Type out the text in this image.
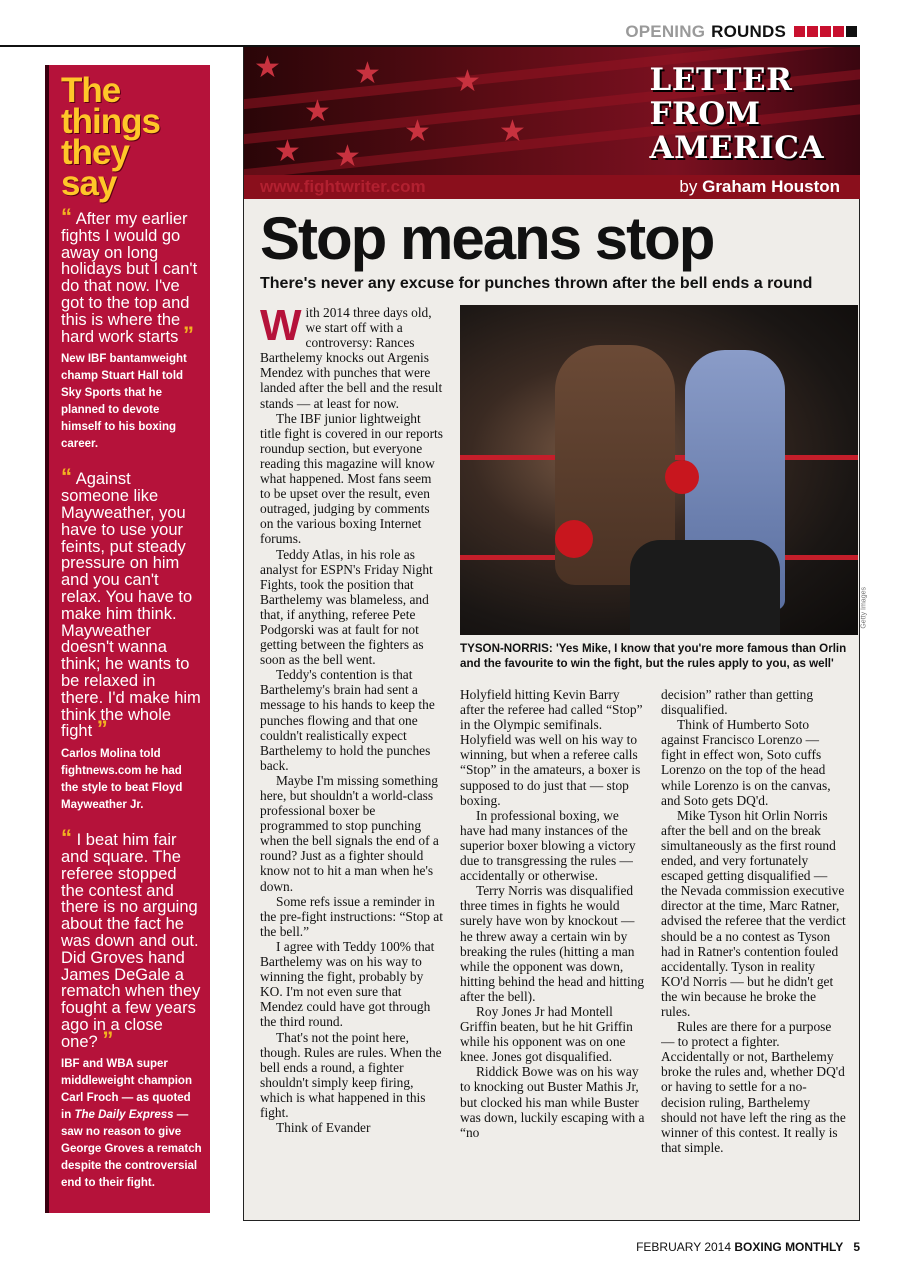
OPENING ROUNDS
The
things
they
say
“ After my earlier fights I would go away on long holidays but I can't do that now. I've got to the top and this is where the hard work starts ”
New IBF bantamweight champ Stuart Hall told Sky Sports that he planned to devote himself to his boxing career.
“ Against someone like Mayweather, you have to use your feints, put steady pressure on him and you can't relax. You have to make him think. Mayweather doesn't wanna think; he wants to be relaxed in there. I'd make him think the whole fight ”
Carlos Molina told fightnews.com he had the style to beat Floyd Mayweather Jr.
“ I beat him fair and square. The referee stopped the contest and there is no arguing about the fact he was down and out. Did Groves hand James DeGale a rematch when they fought a few years ago in a close one? ”
IBF and WBA super middleweight champion Carl Froch — as quoted in The Daily Express — saw no reason to give George Groves a rematch despite the controversial end to their fight.
★
★
★
★
★
★ ★
★
LETTER
FROM
AMERICA
www.fightwriter.com	by Graham Houston
Stop means stop
There's never any excuse for punches thrown after the bell ends a round

With 2014 three days old, we start off with a controversy: Rances Barthelemy knocks out Argenis Mendez with punches that were landed after the bell and the result stands — at least for now.

The IBF junior lightweight title fight is covered in our reports roundup section, but everyone reading this magazine will know what happened. Most fans seem to be upset over the result, even outraged, judging by comments on the various boxing Internet forums.

Teddy Atlas, in his role as analyst for ESPN's Friday Night Fights, took the position that Barthelemy was blameless, and that, if anything, referee Pete Podgorski was at fault for not getting between the fighters as soon as the bell went.

Teddy's contention is that Barthelemy's brain had sent a message to his hands to keep the punches flowing and that one couldn't realistically expect Barthelemy to hold the punches back.

Maybe I'm missing something here, but shouldn't a world-class professional boxer be programmed to stop punching when the bell signals the end of a round? Just as a fighter should know not to hit a man when he's down.

Some refs issue a reminder in the pre-fight instructions: “Stop at the bell.”

I agree with Teddy 100% that Barthelemy was on his way to winning the fight, probably by KO. I'm not even sure that Mendez could have got through the third round.

That's not the point here, though. Rules are rules. When the bell ends a round, a fighter shouldn't simply keep firing, which is what happened in this fight.

Think of Evander

Getty Images
TYSON-NORRIS: 'Yes Mike, I know that you're more famous than Orlin and the favourite to win the fight, but the rules apply to you, as well'

Holyfield hitting Kevin Barry after the referee had called “Stop” in the Olympic semifinals. Holyfield was well on his way to winning, but when a referee calls “Stop” in the amateurs, a boxer is supposed to do just that — stop boxing.

In professional boxing, we have had many instances of the superior boxer blowing a victory due to transgressing the rules — accidentally or otherwise.

Terry Norris was disqualified three times in fights he would surely have won by knockout — he threw away a certain win by breaking the rules (hitting a man while the opponent was down, hitting behind the head and hitting after the bell).

Roy Jones Jr had Montell Griffin beaten, but he hit Griffin while his opponent was on one knee. Jones got disqualified.

Riddick Bowe was on his way to knocking out Buster Mathis Jr, but clocked his man while Buster was down, luckily escaping with a “no

decision” rather than getting disqualified.

Think of Humberto Soto against Francisco Lorenzo — fight in effect won, Soto cuffs Lorenzo on the top of the head while Lorenzo is on the canvas, and Soto gets DQ'd.

Mike Tyson hit Orlin Norris after the bell and on the break simultaneously as the first round ended, and very fortunately escaped getting disqualified — the Nevada commission executive director at the time, Marc Ratner, advised the referee that the verdict should be a no contest as Tyson had in Ratner's contention fouled accidentally. Tyson in reality KO'd Norris — but he didn't get the win because he broke the rules.

Rules are there for a purpose — to protect a fighter. Accidentally or not, Barthelemy broke the rules and, whether DQ'd or having to settle for a no-decision ruling, Barthelemy should not have left the ring as the winner of this contest. It really is that simple.

FEBRUARY 2014 BOXING MONTHLY 5
